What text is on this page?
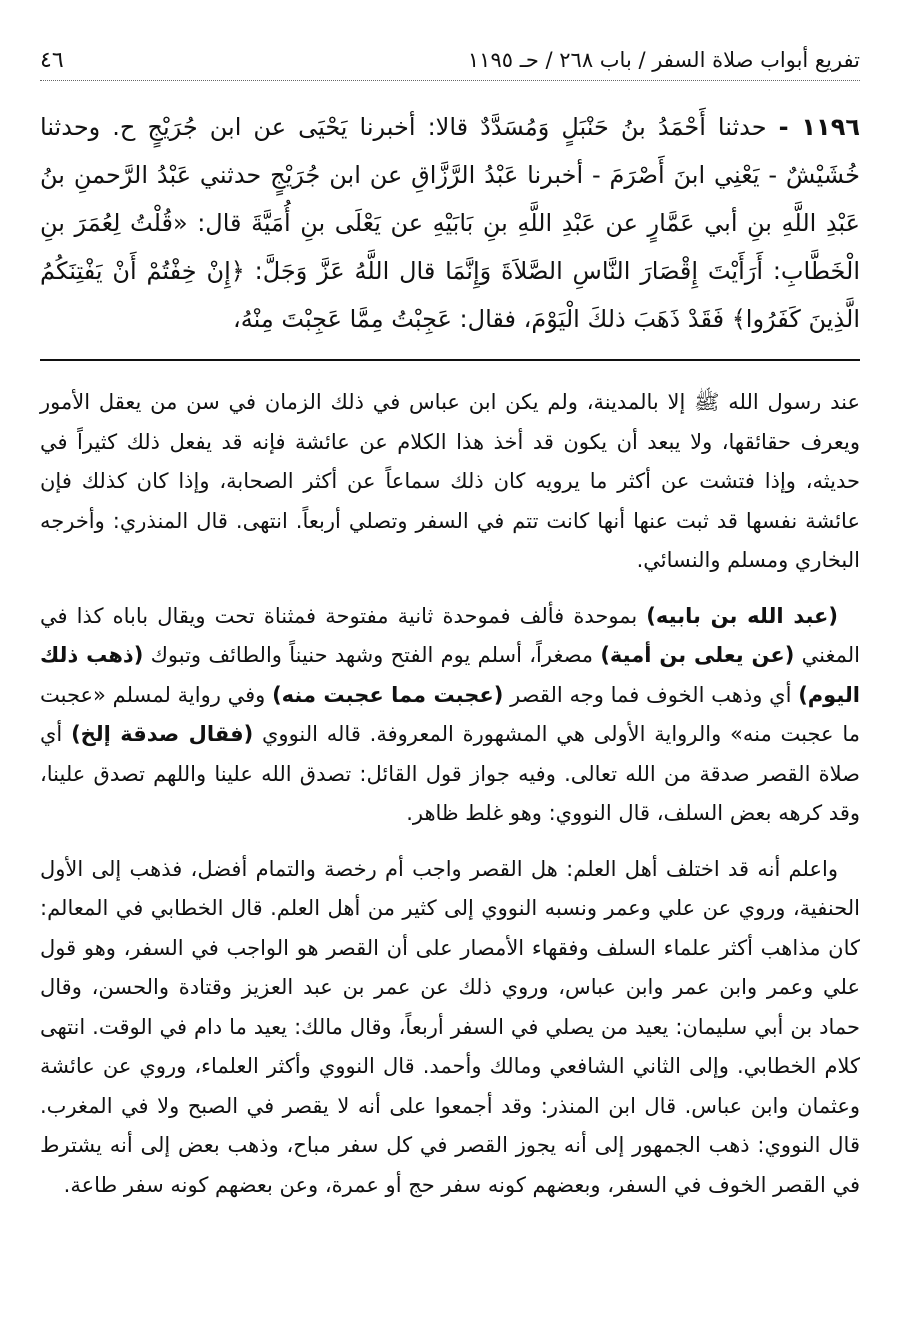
تفريع أبواب صلاة السفر / باب ٢٦٨ / حـ ١١٩٥
٤٦

١١٩٦ - حدثنا أَحْمَدُ بنُ حَنْبَلٍ وَمُسَدَّدٌ قالا: أخبرنا يَحْيَى عن ابن جُرَيْجٍ ح. وحدثنا خُشَيْشٌ - يَعْنِي ابنَ أَصْرَمَ - أخبرنا عَبْدُ الرَّزَّاقِ عن ابن جُرَيْجٍ حدثني عَبْدُ الرَّحمنِ بنُ عَبْدِ اللَّهِ بنِ أبي عَمَّارٍ عن عَبْدِ اللَّهِ بنِ بَابَيْهِ عن يَعْلَى بنِ أُمَيَّةَ قال: «قُلْتُ لِعُمَرَ بنِ الْخَطَّابِ: أَرَأَيْتَ إِقْصَارَ النَّاسِ الصَّلاَةَ وَإِنَّمَا قال اللَّهُ عَزَّ وَجَلَّ: ﴿إِنْ خِفْتُمْ أَنْ يَفْتِنَكُمُ الَّذِينَ كَفَرُوا﴾ فَقَدْ ذَهَبَ ذلكَ الْيَوْمَ، فقال: عَجِبْتُ مِمَّا عَجِبْتَ مِنْهُ،

عند رسول الله ﷺ إلا بالمدينة، ولم يكن ابن عباس في ذلك الزمان في سن من يعقل الأمور ويعرف حقائقها، ولا يبعد أن يكون قد أخذ هذا الكلام عن عائشة فإنه قد يفعل ذلك كثيراً في حديثه، وإذا فتشت عن أكثر ما يرويه كان ذلك سماعاً عن أكثر الصحابة، وإذا كان كذلك فإن عائشة نفسها قد ثبت عنها أنها كانت تتم في السفر وتصلي أربعاً. انتهى. قال المنذري: وأخرجه البخاري ومسلم والنسائي.

(عبد الله بن بابيه) بموحدة فألف فموحدة ثانية مفتوحة فمثناة تحت ويقال باباه كذا في المغني (عن يعلى بن أمية) مصغراً، أسلم يوم الفتح وشهد حنيناً والطائف وتبوك (ذهب ذلك اليوم) أي وذهب الخوف فما وجه القصر (عجبت مما عجبت منه) وفي رواية لمسلم «عجبت ما عجبت منه» والرواية الأولى هي المشهورة المعروفة. قاله النووي (فقال صدقة إلخ) أي صلاة القصر صدقة من الله تعالى. وفيه جواز قول القائل: تصدق الله علينا واللهم تصدق علينا، وقد كرهه بعض السلف، قال النووي: وهو غلط ظاهر.

واعلم أنه قد اختلف أهل العلم: هل القصر واجب أم رخصة والتمام أفضل، فذهب إلى الأول الحنفية، وروي عن علي وعمر ونسبه النووي إلى كثير من أهل العلم. قال الخطابي في المعالم: كان مذاهب أكثر علماء السلف وفقهاء الأمصار على أن القصر هو الواجب في السفر، وهو قول علي وعمر وابن عمر وابن عباس، وروي ذلك عن عمر بن عبد العزيز وقتادة والحسن، وقال حماد بن أبي سليمان: يعيد من يصلي في السفر أربعاً، وقال مالك: يعيد ما دام في الوقت. انتهى كلام الخطابي. وإلى الثاني الشافعي ومالك وأحمد. قال النووي وأكثر العلماء، وروي عن عائشة وعثمان وابن عباس. قال ابن المنذر: وقد أجمعوا على أنه لا يقصر في الصبح ولا في المغرب. قال النووي: ذهب الجمهور إلى أنه يجوز القصر في كل سفر مباح، وذهب بعض إلى أنه يشترط في القصر الخوف في السفر، وبعضهم كونه سفر حج أو عمرة، وعن بعضهم كونه سفر طاعة.
